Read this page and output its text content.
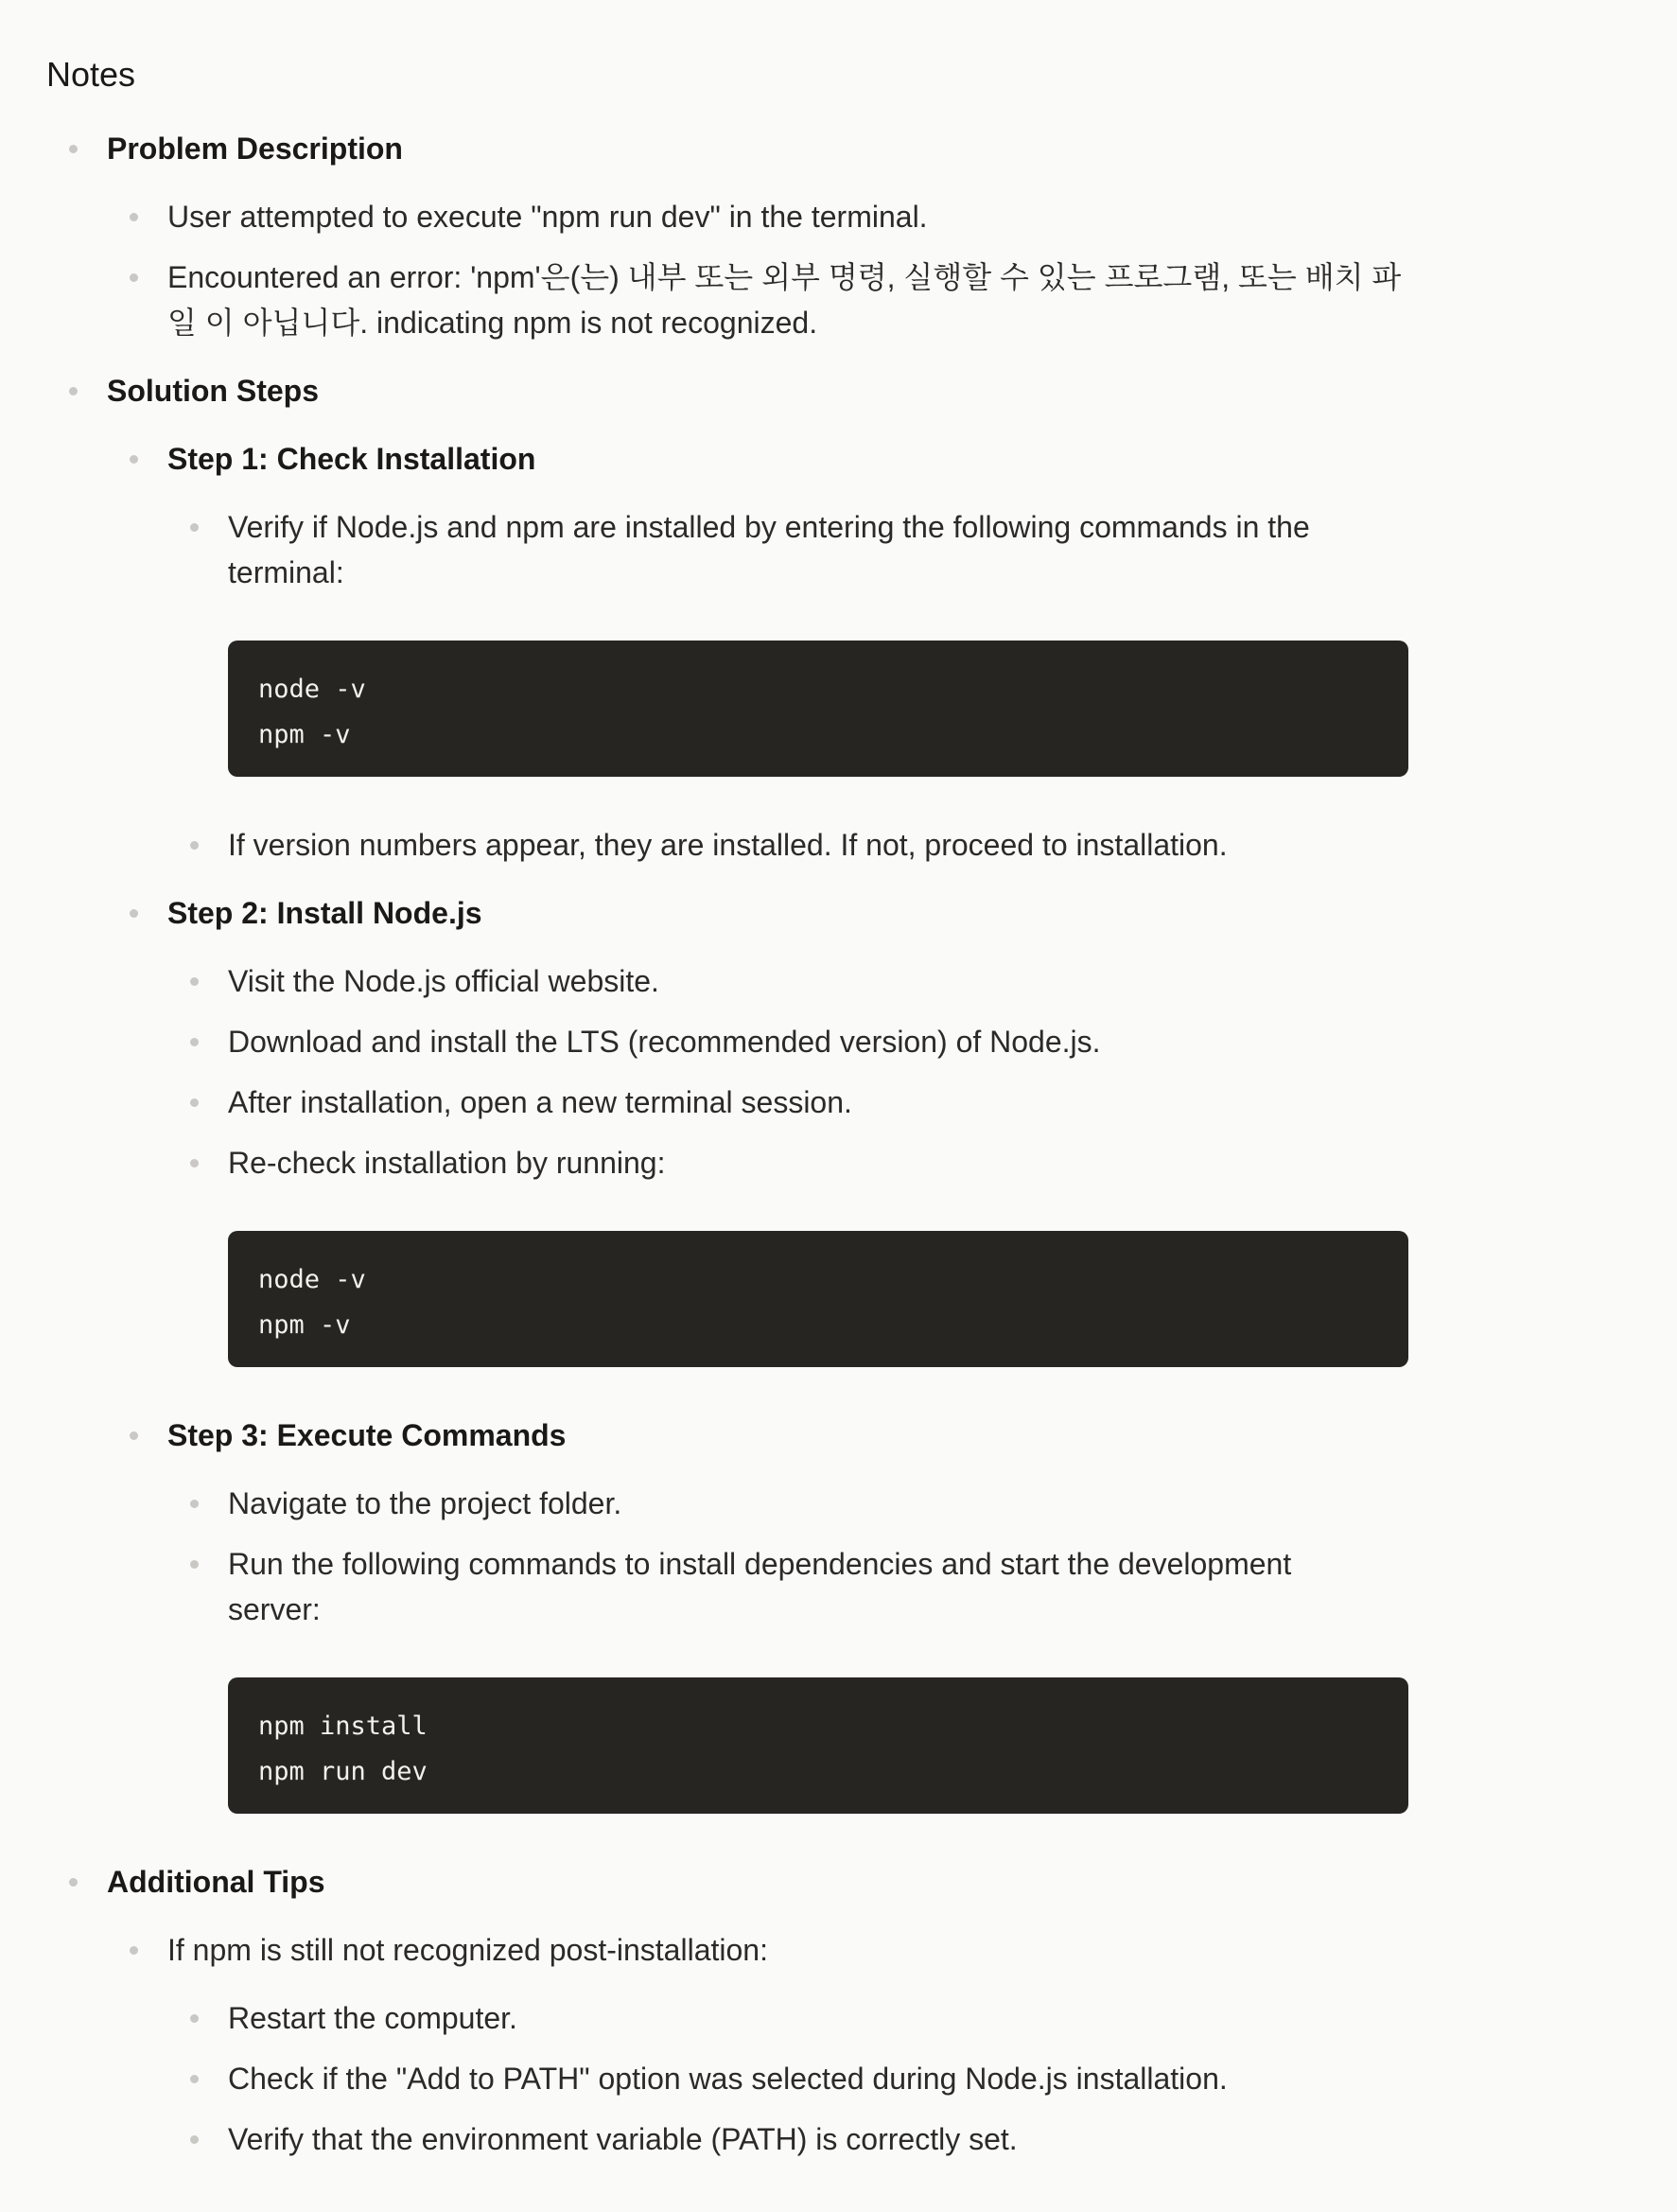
Notes
Problem Description
User attempted to execute "npm run dev" in the terminal.
Encountered an error: 'npm'은(는) 내부 또는 외부 명령, 실행할 수 있는 프로그램, 또는 배치 파일 이 아닙니다. indicating npm is not recognized.
Solution Steps
Step 1: Check Installation
Verify if Node.js and npm are installed by entering the following commands in the terminal:
node -v
npm -v
If version numbers appear, they are installed. If not, proceed to installation.
Step 2: Install Node.js
Visit the Node.js official website.
Download and install the LTS (recommended version) of Node.js.
After installation, open a new terminal session.
Re-check installation by running:
node -v
npm -v
Step 3: Execute Commands
Navigate to the project folder.
Run the following commands to install dependencies and start the development server:
npm install
npm run dev
Additional Tips
If npm is still not recognized post-installation:
Restart the computer.
Check if the "Add to PATH" option was selected during Node.js installation.
Verify that the environment variable (PATH) is correctly set.
